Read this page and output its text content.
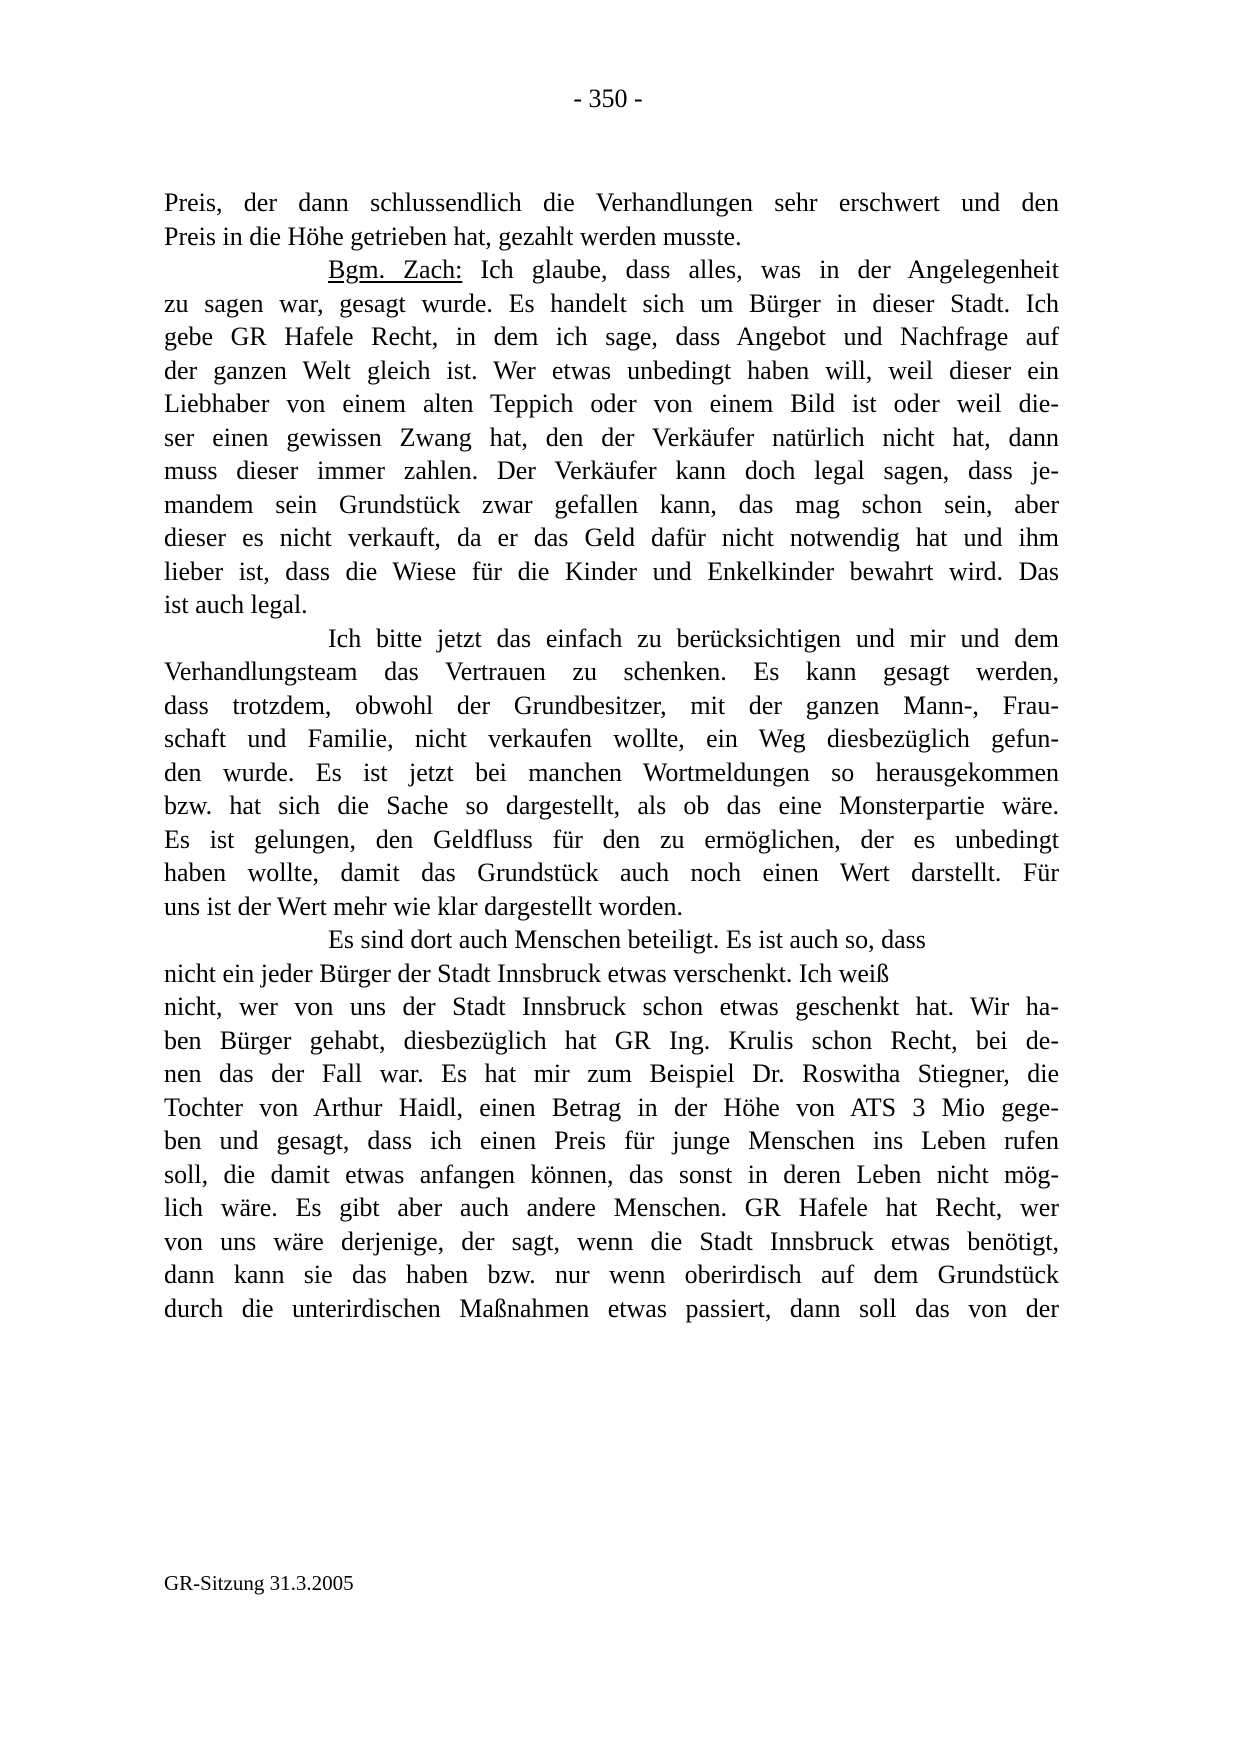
- 350 -
Preis, der dann schlussendlich die Verhandlungen sehr erschwert und den
Preis in die Höhe getrieben hat, gezahlt werden musste.
Bgm. Zach: Ich glaube, dass alles, was in der Angelegenheit
zu sagen war, gesagt wurde. Es handelt sich um Bürger in dieser Stadt. Ich
gebe GR Hafele Recht, in dem ich sage, dass Angebot und Nachfrage auf
der ganzen Welt gleich ist. Wer etwas unbedingt haben will, weil dieser ein
Liebhaber von einem alten Teppich oder von einem Bild ist oder weil die-
ser einen gewissen Zwang hat, den der Verkäufer natürlich nicht hat, dann
muss dieser immer zahlen. Der Verkäufer kann doch legal sagen, dass je-
mandem sein Grundstück zwar gefallen kann, das mag schon sein, aber
dieser es nicht verkauft, da er das Geld dafür nicht notwendig hat und ihm
lieber ist, dass die Wiese für die Kinder und Enkelkinder bewahrt wird. Das
ist auch legal.
Ich bitte jetzt das einfach zu berücksichtigen und mir und dem
Verhandlungsteam das Vertrauen zu schenken. Es kann gesagt werden,
dass trotzdem, obwohl der Grundbesitzer, mit der ganzen Mann-, Frau-
schaft und Familie, nicht verkaufen wollte, ein Weg diesbezüglich gefun-
den wurde. Es ist jetzt bei manchen Wortmeldungen so herausgekommen
bzw. hat sich die Sache so dargestellt, als ob das eine Monsterpartie wäre.
Es ist gelungen, den Geldfluss für den zu ermöglichen, der es unbedingt
haben wollte, damit das Grundstück auch noch einen Wert darstellt. Für
uns ist der Wert mehr wie klar dargestellt worden.
Es sind dort auch Menschen beteiligt. Es ist auch so, dass
nicht ein jeder Bürger der Stadt Innsbruck etwas verschenkt. Ich weiß
nicht, wer von uns der Stadt Innsbruck schon etwas geschenkt hat. Wir ha-
ben Bürger gehabt, diesbezüglich hat GR Ing. Krulis schon Recht, bei de-
nen das der Fall war. Es hat mir zum Beispiel Dr. Roswitha Stiegner, die
Tochter von Arthur Haidl, einen Betrag in der Höhe von ATS 3 Mio gege-
ben und gesagt, dass ich einen Preis für junge Menschen ins Leben rufen
soll, die damit etwas anfangen können, das sonst in deren Leben nicht mög-
lich wäre. Es gibt aber auch andere Menschen. GR Hafele hat Recht, wer
von uns wäre derjenige, der sagt, wenn die Stadt Innsbruck etwas benötigt,
dann kann sie das haben bzw. nur wenn oberirdisch auf dem Grundstück
durch die unterirdischen Maßnahmen etwas passiert, dann soll das von der
GR-Sitzung 31.3.2005
